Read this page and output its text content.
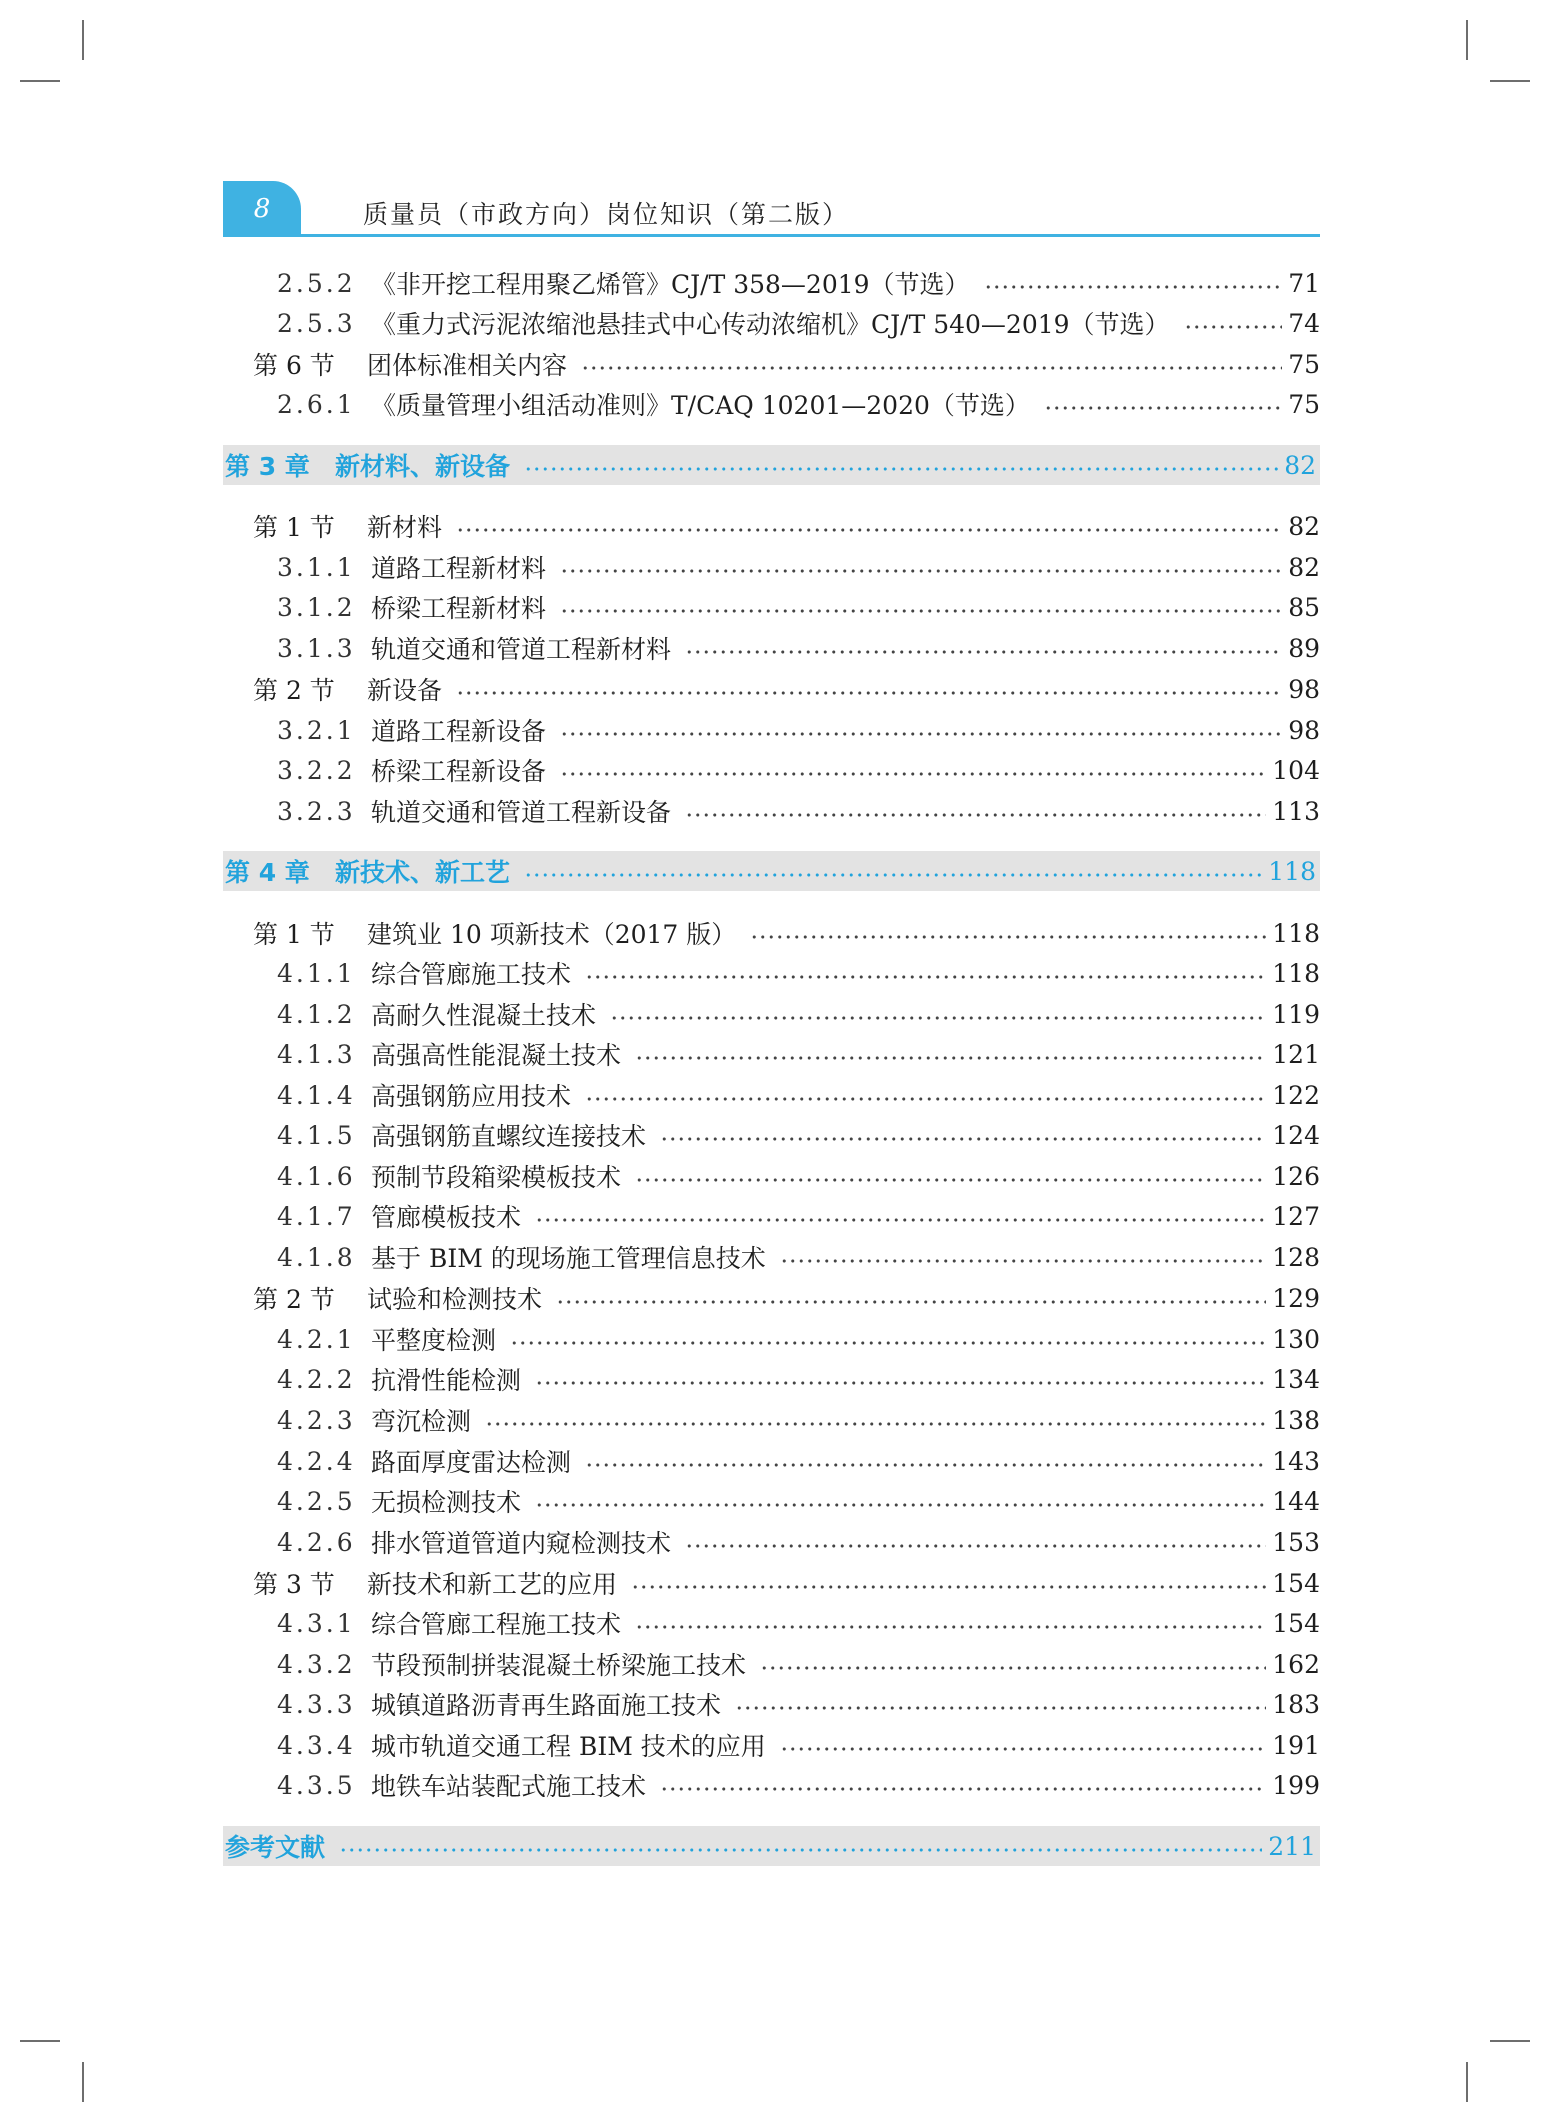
8	质量员（市政方向）岗位知识（第二版）
2.5.2 《非开挖工程用聚乙烯管》CJ/T 358—2019（节选）	71
2.5.3 《重力式污泥浓缩池悬挂式中心传动浓缩机》CJ/T 540—2019（节选）	74
第 6 节	团体标准相关内容	75
2.6.1 《质量管理小组活动准则》T/CAQ 10201—2020（节选）	75
第 3 章	新材料、新设备	82
第 1 节	新材料	82
3.1.1 道路工程新材料	82
3.1.2 桥梁工程新材料	85
3.1.3 轨道交通和管道工程新材料	89
第 2 节	新设备	98
3.2.1 道路工程新设备	98
3.2.2 桥梁工程新设备	104
3.2.3 轨道交通和管道工程新设备	113
第 4 章	新技术、新工艺	118
第 1 节	建筑业 10 项新技术（2017 版）	118
4.1.1 综合管廊施工技术	118
4.1.2 高耐久性混凝土技术	119
4.1.3 高强高性能混凝土技术	121
4.1.4 高强钢筋应用技术	122
4.1.5 高强钢筋直螺纹连接技术	124
4.1.6 预制节段箱梁模板技术	126
4.1.7 管廊模板技术	127
4.1.8 基于 BIM 的现场施工管理信息技术	128
第 2 节	试验和检测技术	129
4.2.1 平整度检测	130
4.2.2 抗滑性能检测	134
4.2.3 弯沉检测	138
4.2.4 路面厚度雷达检测	143
4.2.5 无损检测技术	144
4.2.6 排水管道管道内窥检测技术	153
第 3 节	新技术和新工艺的应用	154
4.3.1 综合管廊工程施工技术	154
4.3.2 节段预制拼装混凝土桥梁施工技术	162
4.3.3 城镇道路沥青再生路面施工技术	183
4.3.4 城市轨道交通工程 BIM 技术的应用	191
4.3.5 地铁车站装配式施工技术	199
参考文献	211
